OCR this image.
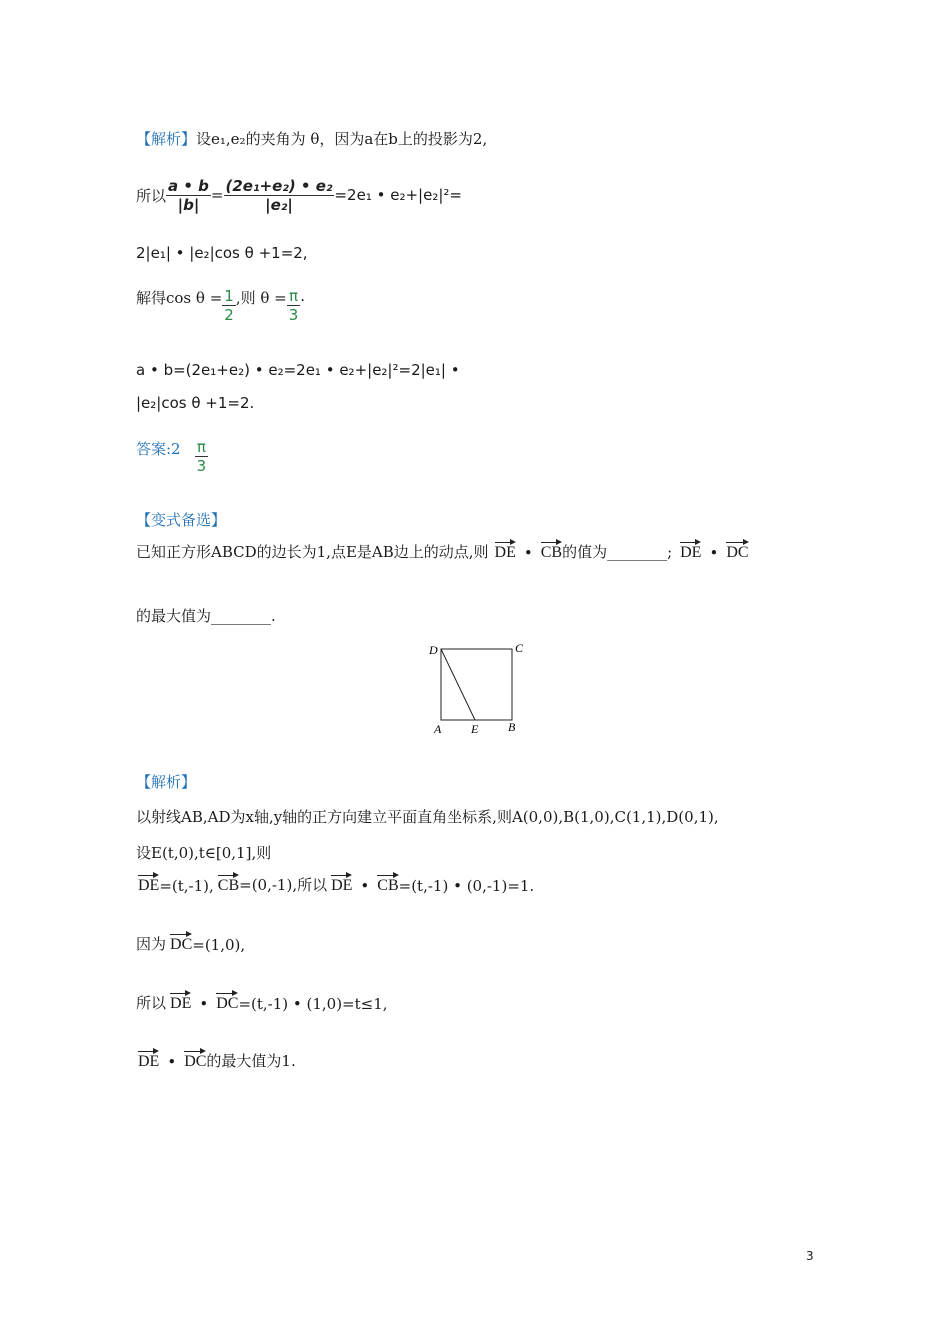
【解析】设e₁,e₂的夹角为 θ，因为a在b上的投影为2,
所以 $\frac{a • b}{|b|} = \frac{\text{(2e₁+e₂) • e₂}}{\text{|e₂|}} =2e_1$ • e₂+|e₂|²=
2|e₁| • |e₂|cos θ +1=2,
解得$\cos \theta = \frac{1}{2}$ ,则 $\theta = \frac{\pi}{3}$ .
a • b=(2e₁+e₂) • e₂=2e₁ • e₂+|e₂|²=2|e₁| •
|e₂|cos θ +1=2.
答案:2 $\frac{\pi}{3}$
【变式备选】
已知正方形ABCD的边长为1,点E是AB边上的动点,则 DE • CB 的值为________; DE • DC
的最大值为________.
D	C
A E B
【解析】
以射线AB,AD为x轴,y轴的正方向建立平面直角坐标系,则A(0,0),B(1,0),C(1,1),D(0,1),
设E(t,0),t∈[0,1],则
DE =(t,-1), CB =(0,-1),所以 DE • CB =(t,-1) • (0,-1)=1.
因为 DC =(1,0),
所以 DE • DC =(t,-1) • (1,0)=t≤1,
DE • DC 的最大值为1.
3
